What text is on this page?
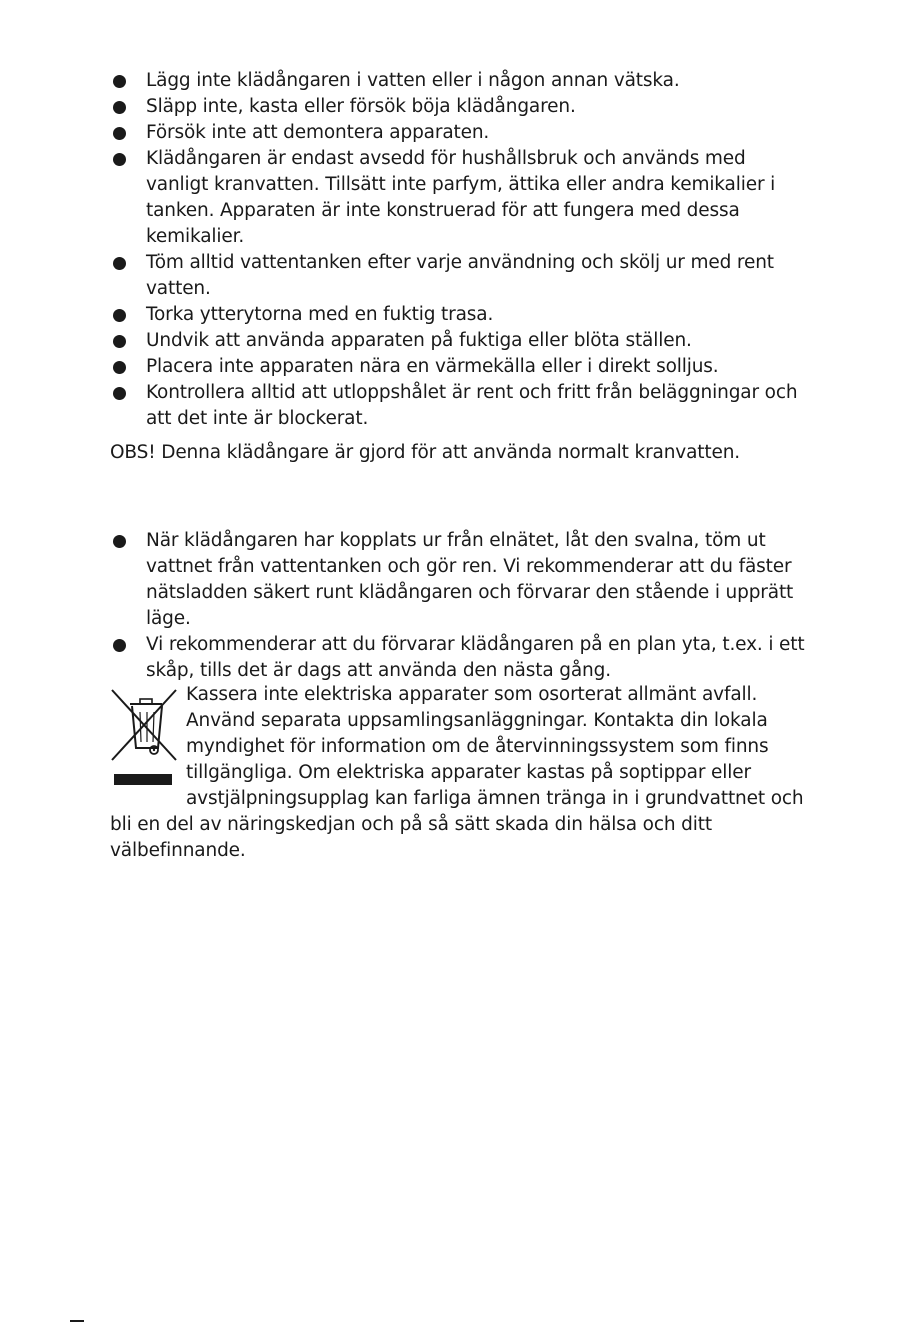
Lägg inte klädångaren i vatten eller i någon annan vätska.
Släpp inte, kasta eller försök böja klädångaren.
Försök inte att demontera apparaten.
Klädångaren är endast avsedd för hushållsbruk och används med vanligt kranvatten. Tillsätt inte parfym, ättika eller andra kemikalier i tanken. Apparaten är inte konstruerad för att fungera med dessa kemikalier.
Töm alltid vattentanken efter varje användning och skölj ur med rent vatten.
Torka ytterytorna med en fuktig trasa.
Undvik att använda apparaten på fuktiga eller blöta ställen.
Placera inte apparaten nära en värmekälla eller i direkt solljus.
Kontrollera alltid att utloppshålet är rent och fritt från beläggningar och att det inte är blockerat.
OBS! Denna klädångare är gjord för att använda normalt kranvatten.
När klädångaren har kopplats ur från elnätet, låt den svalna, töm ut vattnet från vattentanken och gör ren. Vi rekommenderar att du fäster nätsladden säkert runt klädångaren och förvarar den stående i upprätt läge.
Vi rekommenderar att du förvarar klädångaren på en plan yta, t.ex. i ett skåp, tills det är dags att använda den nästa gång.
Kassera inte elektriska apparater som osorterat allmänt avfall. Använd separata uppsamlingsanläggningar. Kontakta din lokala myndighet för information om de återvinningssystem som finns tillgängliga. Om elektriska apparater kastas på soptippar eller avstjälpningsupplag kan farliga ämnen tränga in i grundvattnet och bli en del av näringskedjan och på så sätt skada din hälsa och ditt välbefinnande.
